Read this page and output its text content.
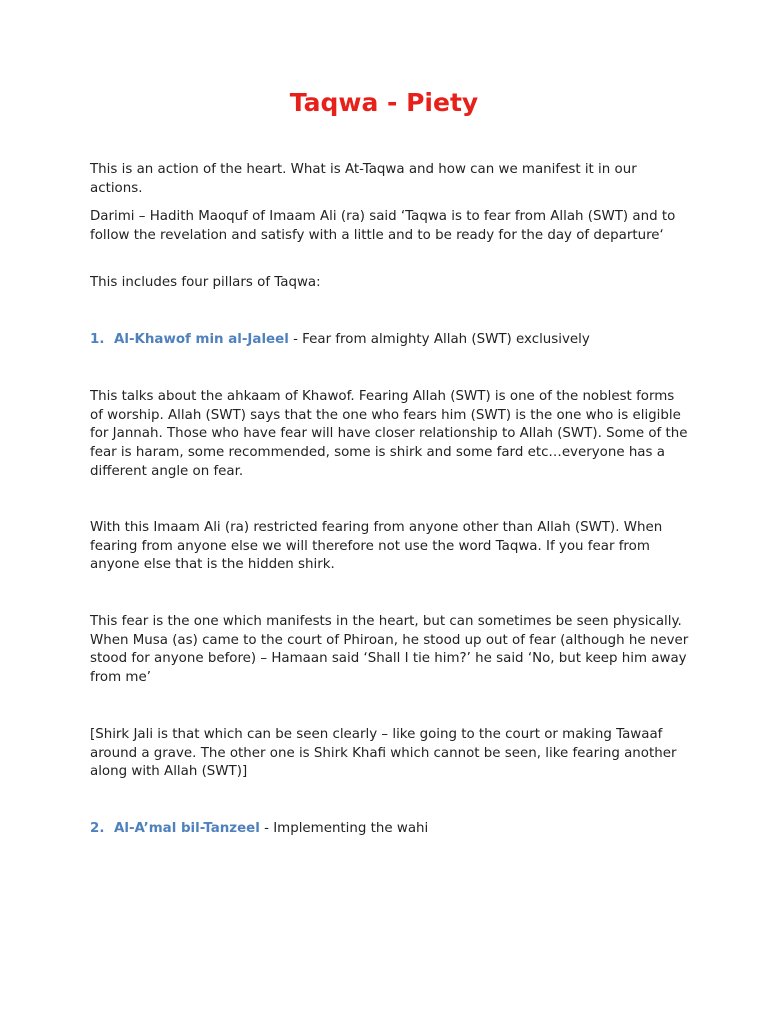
Taqwa - Piety

This is an action of the heart. What is At-Taqwa and how can we manifest it in our actions.

Darimi – Hadith Maoquf of Imaam Ali (ra) said ‘Taqwa is to fear from Allah (SWT) and to follow the revelation and satisfy with a little and to be ready for the day of departure‘

This includes four pillars of Taqwa:

1. Al-Khawof min al-Jaleel - Fear from almighty Allah (SWT) exclusively

This talks about the ahkaam of Khawof. Fearing Allah (SWT) is one of the noblest forms of worship. Allah (SWT) says that the one who fears him (SWT) is the one who is eligible for Jannah. Those who have fear will have closer relationship to Allah (SWT). Some of the fear is haram, some recommended, some is shirk and some fard etc…everyone has a different angle on fear.

With this Imaam Ali (ra) restricted fearing from anyone other than Allah (SWT). When fearing from anyone else we will therefore not use the word Taqwa. If you fear from anyone else that is the hidden shirk.

This fear is the one which manifests in the heart, but can sometimes be seen physically. When Musa (as) came to the court of Phiroan, he stood up out of fear (although he never stood for anyone before) – Hamaan said ‘Shall I tie him?’ he said ‘No, but keep him away from me’

[Shirk Jali is that which can be seen clearly – like going to the court or making Tawaaf around a grave. The other one is Shirk Khafi which cannot be seen, like fearing another along with Allah (SWT)]

2. Al-A’mal bil-Tanzeel - Implementing the wahi
